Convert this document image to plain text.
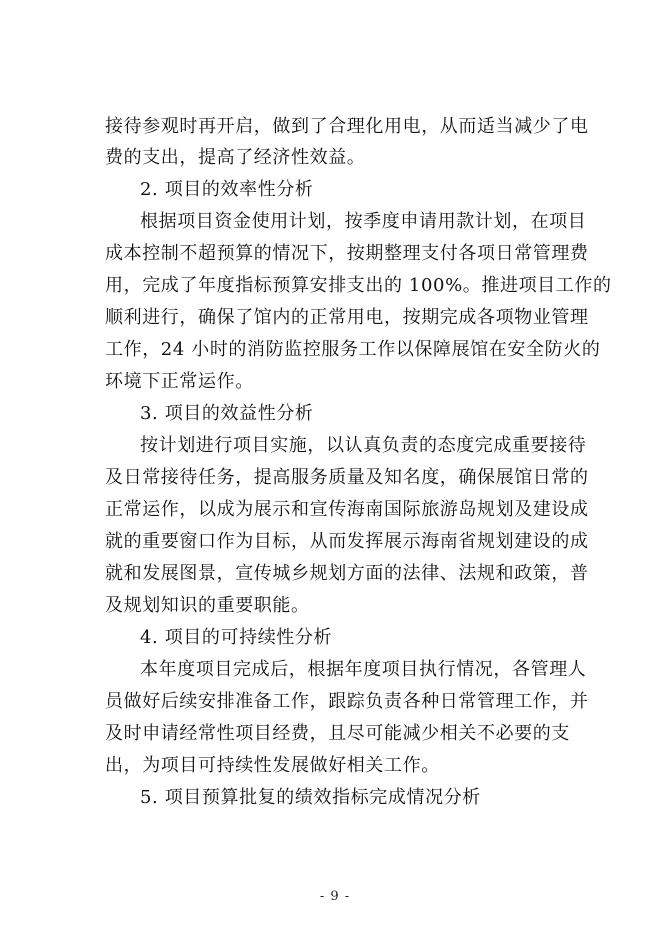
接待参观时再开启，做到了合理化用电，从而适当减少了电

费的支出，提高了经济性效益。

2. 项目的效率性分析

根据项目资金使用计划，按季度申请用款计划，在项目

成本控制不超预算的情况下，按期整理支付各项日常管理费

用，完成了年度指标预算安排支出的 100%。推进项目工作的

顺利进行，确保了馆内的正常用电，按期完成各项物业管理

工作，24 小时的消防监控服务工作以保障展馆在安全防火的

环境下正常运作。

3. 项目的效益性分析

按计划进行项目实施，以认真负责的态度完成重要接待

及日常接待任务，提高服务质量及知名度，确保展馆日常的

正常运作，以成为展示和宣传海南国际旅游岛规划及建设成

就的重要窗口作为目标，从而发挥展示海南省规划建设的成

就和发展图景，宣传城乡规划方面的法律、法规和政策，普

及规划知识的重要职能。

4. 项目的可持续性分析

本年度项目完成后，根据年度项目执行情况，各管理人

员做好后续安排准备工作，跟踪负责各种日常管理工作，并

及时申请经常性项目经费，且尽可能减少相关不必要的支

出，为项目可持续性发展做好相关工作。

5. 项目预算批复的绩效指标完成情况分析

- 9 -
